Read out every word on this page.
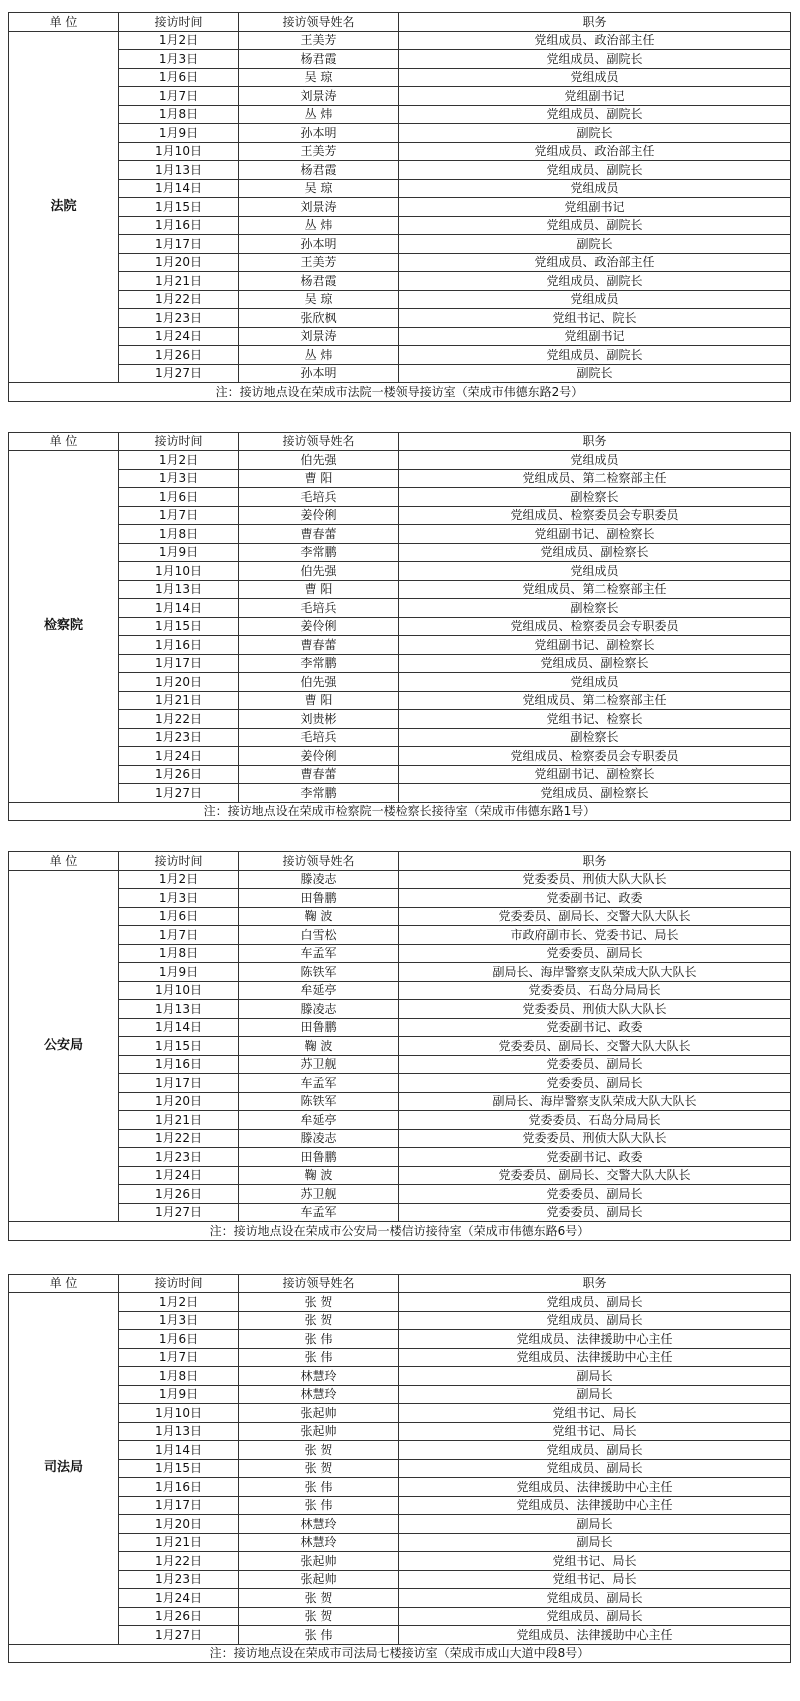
单 位	接访时间	接访领导姓名	职务
法院	1月2日	王美芳	党组成员、政治部主任
	1月3日	杨君霞	党组成员、副院长
	1月6日	吴 琼	党组成员
	1月7日	刘景涛	党组副书记
	1月8日	丛 炜	党组成员、副院长
	1月9日	孙本明	副院长
	1月10日	王美芳	党组成员、政治部主任
	1月13日	杨君霞	党组成员、副院长
	1月14日	吴 琼	党组成员
	1月15日	刘景涛	党组副书记
	1月16日	丛 炜	党组成员、副院长
	1月17日	孙本明	副院长
	1月20日	王美芳	党组成员、政治部主任
	1月21日	杨君霞	党组成员、副院长
	1月22日	吴 琼	党组成员
	1月23日	张欣枫	党组书记、院长
	1月24日	刘景涛	党组副书记
	1月26日	丛 炜	党组成员、副院长
	1月27日	孙本明	副院长
注：接访地点设在荣成市法院一楼领导接访室（荣成市伟德东路2号）			
单 位	接访时间	接访领导姓名	职务
检察院	1月2日	伯先强	党组成员
	1月3日	曹 阳	党组成员、第二检察部主任
	1月6日	毛培兵	副检察长
	1月7日	姜伶俐	党组成员、检察委员会专职委员
	1月8日	曹春蕾	党组副书记、副检察长
	1月9日	李常鹏	党组成员、副检察长
	1月10日	伯先强	党组成员
	1月13日	曹 阳	党组成员、第二检察部主任
	1月14日	毛培兵	副检察长
	1月15日	姜伶俐	党组成员、检察委员会专职委员
	1月16日	曹春蕾	党组副书记、副检察长
	1月17日	李常鹏	党组成员、副检察长
	1月20日	伯先强	党组成员
	1月21日	曹 阳	党组成员、第二检察部主任
	1月22日	刘贵彬	党组书记、检察长
	1月23日	毛培兵	副检察长
	1月24日	姜伶俐	党组成员、检察委员会专职委员
	1月26日	曹春蕾	党组副书记、副检察长
	1月27日	李常鹏	党组成员、副检察长
注：接访地点设在荣成市检察院一楼检察长接待室（荣成市伟德东路1号）			
单 位	接访时间	接访领导姓名	职务
公安局	1月2日	滕凌志	党委委员、刑侦大队大队长
	1月3日	田鲁鹏	党委副书记、政委
	1月6日	鞠 波	党委委员、副局长、交警大队大队长
	1月7日	白雪松	市政府副市长、党委书记、局长
	1月8日	车孟军	党委委员、副局长
	1月9日	陈铁军	副局长、海岸警察支队荣成大队大队长
	1月10日	牟延亭	党委委员、石岛分局局长
	1月13日	滕凌志	党委委员、刑侦大队大队长
	1月14日	田鲁鹏	党委副书记、政委
	1月15日	鞠 波	党委委员、副局长、交警大队大队长
	1月16日	苏卫舰	党委委员、副局长
	1月17日	车孟军	党委委员、副局长
	1月20日	陈铁军	副局长、海岸警察支队荣成大队大队长
	1月21日	牟延亭	党委委员、石岛分局局长
	1月22日	滕凌志	党委委员、刑侦大队大队长
	1月23日	田鲁鹏	党委副书记、政委
	1月24日	鞠 波	党委委员、副局长、交警大队大队长
	1月26日	苏卫舰	党委委员、副局长
	1月27日	车孟军	党委委员、副局长
注：接访地点设在荣成市公安局一楼信访接待室（荣成市伟德东路6号）			
单 位	接访时间	接访领导姓名	职务
司法局	1月2日	张 贺	党组成员、副局长
	1月3日	张 贺	党组成员、副局长
	1月6日	张 伟	党组成员、法律援助中心主任
	1月7日	张 伟	党组成员、法律援助中心主任
	1月8日	林慧玲	副局长
	1月9日	林慧玲	副局长
	1月10日	张起帅	党组书记、局长
	1月13日	张起帅	党组书记、局长
	1月14日	张 贺	党组成员、副局长
	1月15日	张 贺	党组成员、副局长
	1月16日	张 伟	党组成员、法律援助中心主任
	1月17日	张 伟	党组成员、法律援助中心主任
	1月20日	林慧玲	副局长
	1月21日	林慧玲	副局长
	1月22日	张起帅	党组书记、局长
	1月23日	张起帅	党组书记、局长
	1月24日	张 贺	党组成员、副局长
	1月26日	张 贺	党组成员、副局长
	1月27日	张 伟	党组成员、法律援助中心主任
注：接访地点设在荣成市司法局七楼接访室（荣成市成山大道中段8号）			
